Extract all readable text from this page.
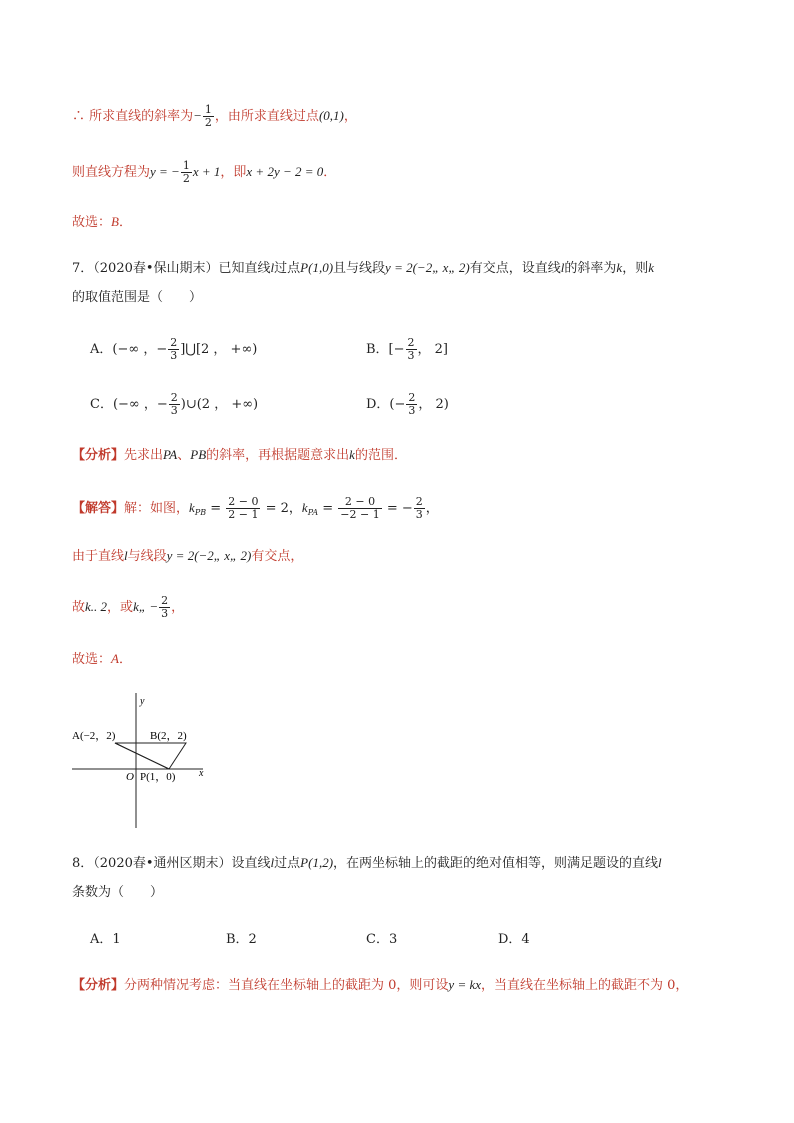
∴ 所求直线的斜率为− $\frac{1}{2}$ ，由所求直线过点(0,1)，
则直线方程为y = − $\frac{1}{2}$ x + 1，即x + 2y − 2 = 0．
故选：B．
7．（2020春•保山期末）已知直线l过点P(1,0)且与线段y = 2(−2„ x„ 2)有交点，设直线l的斜率为k，则k
的取值范围是（　　）
A．(−∞ ，− $\frac{2}{3}$ ]⋃[2 ， +∞)	B．[− $\frac{2}{3}$ ， 2]
C．(−∞ ，− $\frac{2}{3}$ )∪(2 ， +∞)	D．(− $\frac{2}{3}$ ， 2)
【分析】先求出PA、PB的斜率，再根据题意求出k的范围．
【解答】解：如图，$k_{PB} = \frac{2 - 0}{2 - 1} = 2$，$k_{PA} = \frac{2 - 0}{-2 - 1}$ = − $\frac{2}{3}$ ，
由于直线l与线段y = 2(−2„ x„ 2)有交点，
故k.. 2，或k„ − $\frac{2}{3}$ ，
故选：A．
y
x
A(−2，2)	B(2，2)
O P(1，0)
8．（2020春•通州区期末）设直线l过点P(1,2)，在两坐标轴上的截距的绝对值相等，则满足题设的直线l
条数为（　　）
A．1	B．2	C．3	D．4
【分析】分两种情况考虑：当直线在坐标轴上的截距为 0，则可设y = kx，当直线在坐标轴上的截距不为 0，
